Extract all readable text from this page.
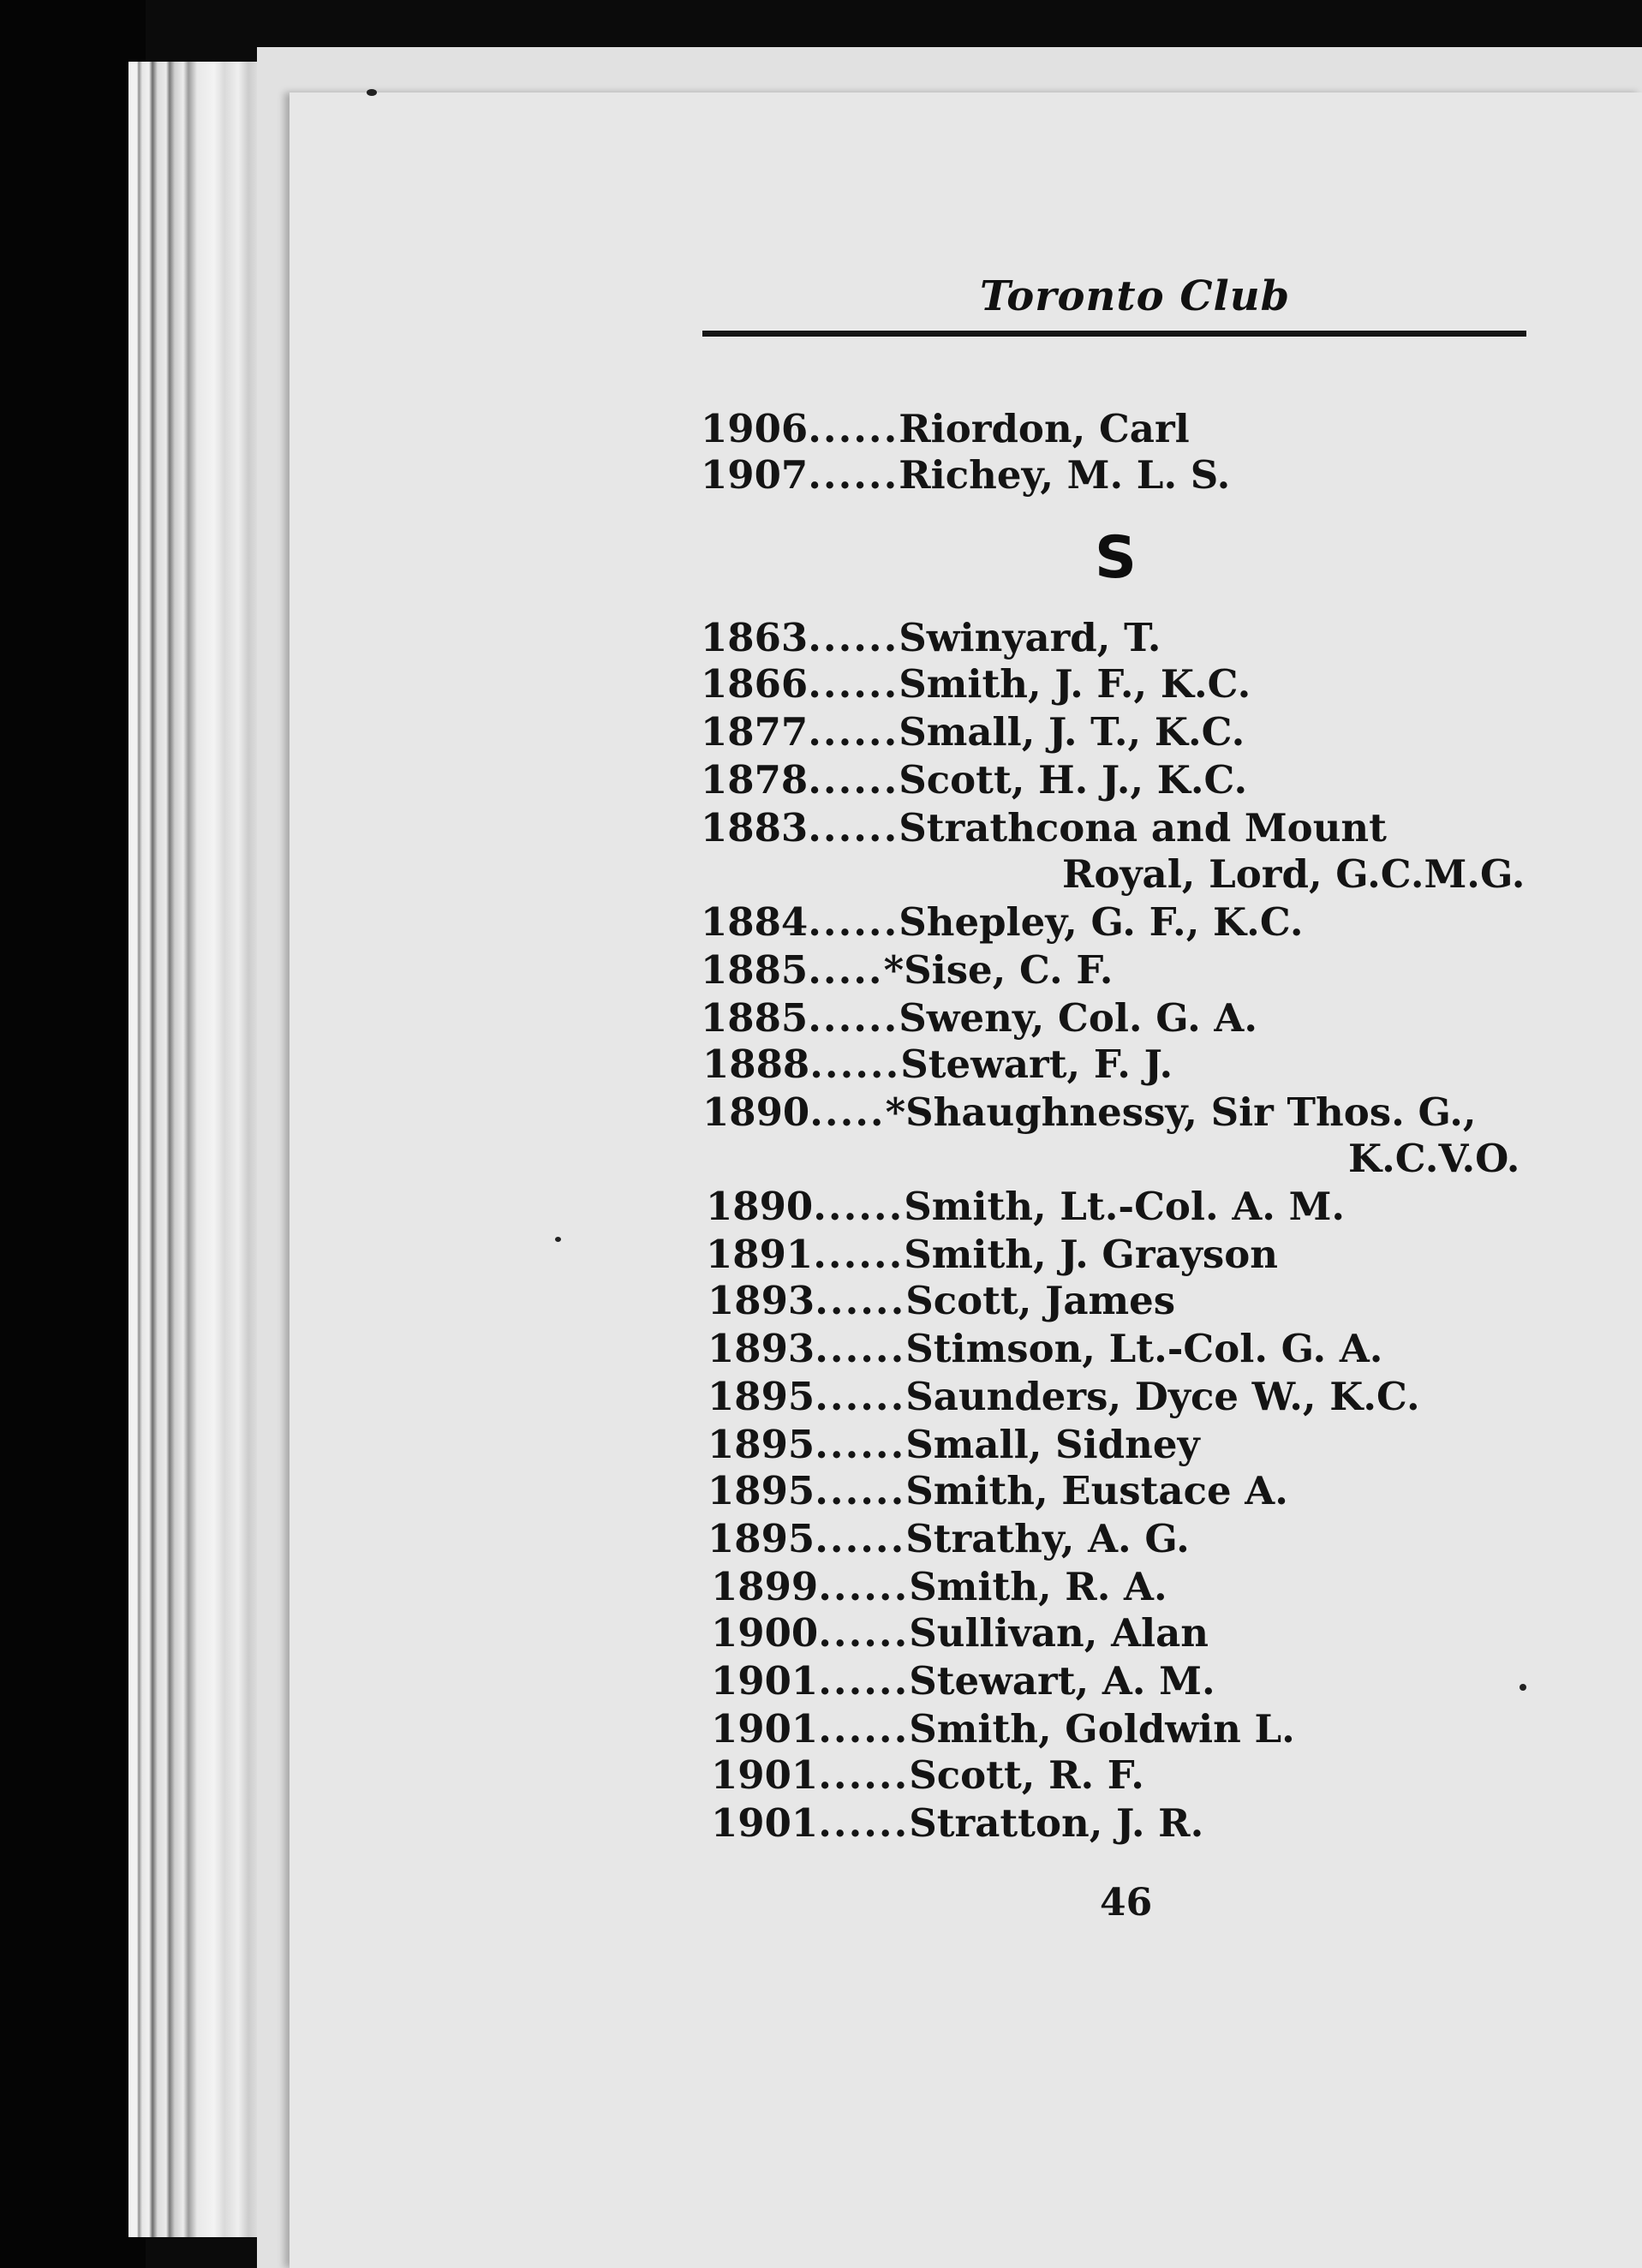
Toronto Club
S
1906......Riordon, Carl
1907......Richey, M. L. S.
1863......Swinyard, T.
1866......Smith, J. F., K.C.
1877......Small, J. T., K.C.
1878......Scott, H. J., K.C.
1883......Strathcona and Mount
Royal, Lord, G.C.M.G.
1884......Shepley, G. F., K.C.
1885.....*Sise, C. F.
1885......Sweny, Col. G. A.
1888......Stewart, F. J.
1890.....*Shaughnessy, Sir Thos. G.,
K.C.V.O.
1890......Smith, Lt.-Col. A. M.
1891......Smith, J. Grayson
1893......Scott, James
1893......Stimson, Lt.-Col. G. A.
1895......Saunders, Dyce W., K.C.
1895......Small, Sidney
1895......Smith, Eustace A.
1895......Strathy, A. G.
1899......Smith, R. A.
1900......Sullivan, Alan
1901......Stewart, A. M.
1901......Smith, Goldwin L.
1901......Scott, R. F.
1901......Stratton, J. R.
46
